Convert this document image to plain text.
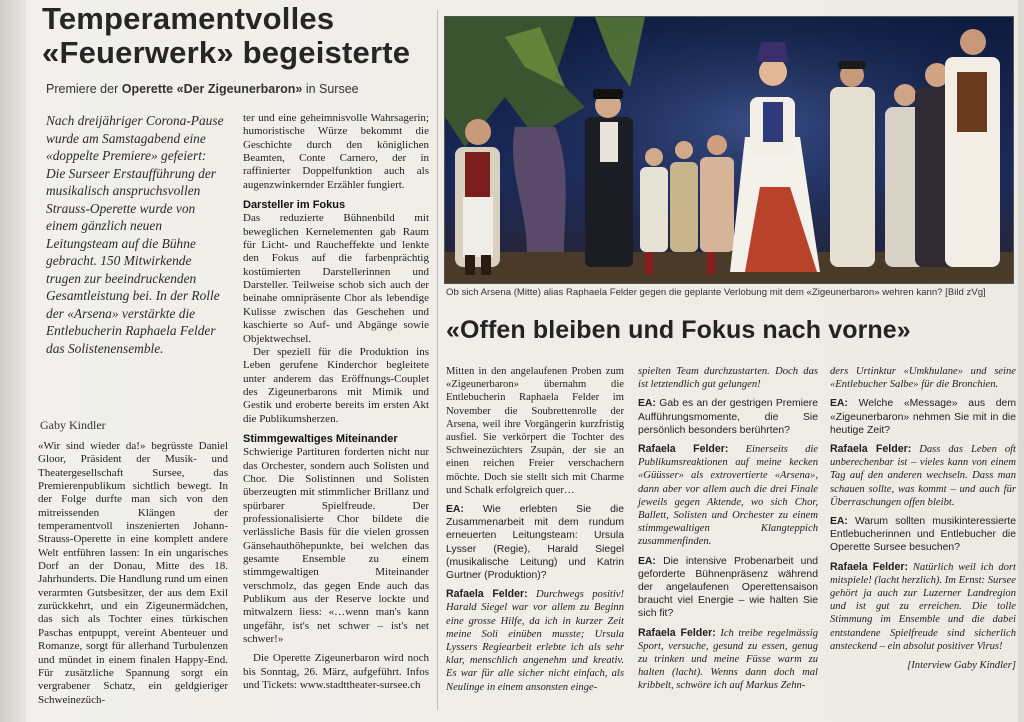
Temperamentvolles
«Feuerwerk» begeisterte
Premiere der Operette «Der Zigeunerbaron» in Sursee
Nach dreijähriger Corona-Pause wurde am Samstagabend eine «doppelte Premiere» gefeiert: Die Surseer Erstaufführung der musikalisch anspruchsvollen Strauss-Operette wurde von einem gänzlich neuen Leitungsteam auf die Bühne gebracht. 150 Mitwirkende trugen zur beeindruckenden Gesamtleistung bei. In der Rolle der «Arsena» verstärkte die Entlebucherin Raphaela Felder das Solistenensemble.
Gaby Kindler

«Wir sind wieder da!» begrüsste Daniel Gloor, Präsident der Musik- und Theatergesellschaft Sursee, das Premierenpublikum sichtlich bewegt. In der Folge durfte man sich von den mitreissenden Klängen der temperamentvoll inszenierten Johann-Strauss-Operette in eine komplett andere Welt entführen lassen: In ein ungarisches Dorf an der Donau, Mitte des 18. Jahrhunderts. Die Handlung rund um einen verarmten Gutsbesitzer, der aus dem Exil zurückkehrt, und ein Zigeunermädchen, das sich als Tochter eines türkischen Paschas entpuppt, vereint Abenteuer und Romanze, sorgt für allerhand Turbulenzen und mündet in einem finalen Happy-End. Für zusätzliche Spannung sorgt ein vergrabener Schatz, ein geldgieriger Schweinezüch-

ter und eine geheimnisvolle Wahrsagerin; humoristische Würze bekommt die Geschichte durch den königlichen Beamten, Conte Carnero, der in raffinierter Doppelfunktion auch als augenzwinkernder Erzähler fungiert.

Darsteller im Fokus

Das reduzierte Bühnenbild mit beweglichen Kernelementen gab Raum für Licht- und Raucheffekte und lenkte den Fokus auf die farbenprächtig kostümierten Darstellerinnen und Darsteller. Teilweise schob sich auch der beinahe omnipräsente Chor als lebendige Kulisse zwischen das Geschehen und kaschierte so Auf- und Abgänge sowie Objektwechsel.

Der speziell für die Produktion ins Leben gerufene Kinderchor begleitete unter anderem das Eröffnungs-Couplet des Zigeunerbarons mit Mimik und Gestik und eroberte bereits im ersten Akt die Publikumsherzen.

Stimmgewaltiges Miteinander

Schwierige Partituren forderten nicht nur das Orchester, sondern auch Solisten und Chor. Die Solistinnen und Solisten überzeugten mit stimmlicher Brillanz und spürbarer Spielfreude. Der professionalisierte Chor bildete die verlässliche Basis für die vielen grossen Gänsehauthöhepunkte, bei welchen das gesamte Ensemble zu einem stimmgewaltigen Miteinander verschmolz, das gegen Ende auch das Publikum aus der Reserve lockte und mitwalzern liess: «…wenn man's kann ungefähr, ist's net schwer – ist's net schwer!»

Die Operette Zigeunerbaron wird noch bis Sonntag, 26. März, aufgeführt. Infos und Tickets: www.stadttheater-sursee.ch

Ob sich Arsena (Mitte) alias Raphaela Felder gegen die geplante Verlobung mit dem «Zigeunerbaron» wehren kann? [Bild zVg]
«Offen bleiben und Fokus nach vorne»

Mitten in den angelaufenen Proben zum «Zigeunerbaron» übernahm die Entlebucherin Raphaela Felder im November die Soubrettenrolle der Arsena, weil ihre Vorgängerin kurzfristig ausfiel. Sie verkörpert die Tochter des Schweinezüchters Zsupán, der sie an einen reichen Freier verschachern möchte. Doch sie stellt sich mit Charme und Schalk erfolgreich quer…

EA: Wie erlebten Sie die Zusammenarbeit mit dem rundum erneuerten Leitungsteam: Ursula Lysser (Regie), Harald Siegel (musikalische Leitung) und Katrin Gurtner (Produktion)?

Rafaela Felder: Durchwegs positiv! Harald Siegel war vor allem zu Beginn eine grosse Hilfe, da ich in kurzer Zeit meine Soli einüben musste; Ursula Lyssers Regiearbeit erlebte ich als sehr klar, menschlich angenehm und kreativ. Es war für alle sicher nicht einfach, als Neulinge in einem ansonsten einge-

spielten Team durchzustarten. Doch das ist letztendlich gut gelungen!

EA: Gab es an der gestrigen Premiere Aufführungsmomente, die Sie persönlich besonders berührten?

Rafaela Felder: Einerseits die Publikumsreaktionen auf meine kecken «Güüsser» als extrovertierte «Arsena», dann aber vor allem auch die drei Finale jeweils gegen Aktende, wo sich Chor, Ballett, Solisten und Orchester zu einem stimmgewaltigen Klangteppich zusammenfinden.

EA: Die intensive Probenarbeit und geforderte Bühnenpräsenz während der angelaufenen Operettensaison braucht viel Energie – wie halten Sie sich fit?

Rafaela Felder: Ich treibe regelmässig Sport, versuche, gesund zu essen, genug zu trinken und meine Füsse warm zu halten (lacht). Wenns dann doch mal kribbelt, schwöre ich auf Markus Zehn-

ders Urtinktur «Umkhulane» und seine «Entlebucher Salbe» für die Bronchien.

EA: Welche «Message» aus dem «Zigeunerbaron» nehmen Sie mit in die heutige Zeit?

Rafaela Felder: Dass das Leben oft unberechenbar ist – vieles kann von einem Tag auf den anderen wechseln. Dass man schauen sollte, was kommt – und auch für Überraschungen offen bleibt.

EA: Warum sollten musikinteressierte Entlebucherinnen und Entlebucher die Operette Sursee besuchen?

Rafaela Felder: Natürlich weil ich dort mitspiele! (lacht herzlich). Im Ernst: Sursee gehört ja auch zur Luzerner Landregion und ist gut zu erreichen. Die tolle Stimmung im Ensemble und die dabei entstandene Spielfreude sind sicherlich ansteckend – ein absolut positiver Virus!

[Interview Gaby Kindler]
